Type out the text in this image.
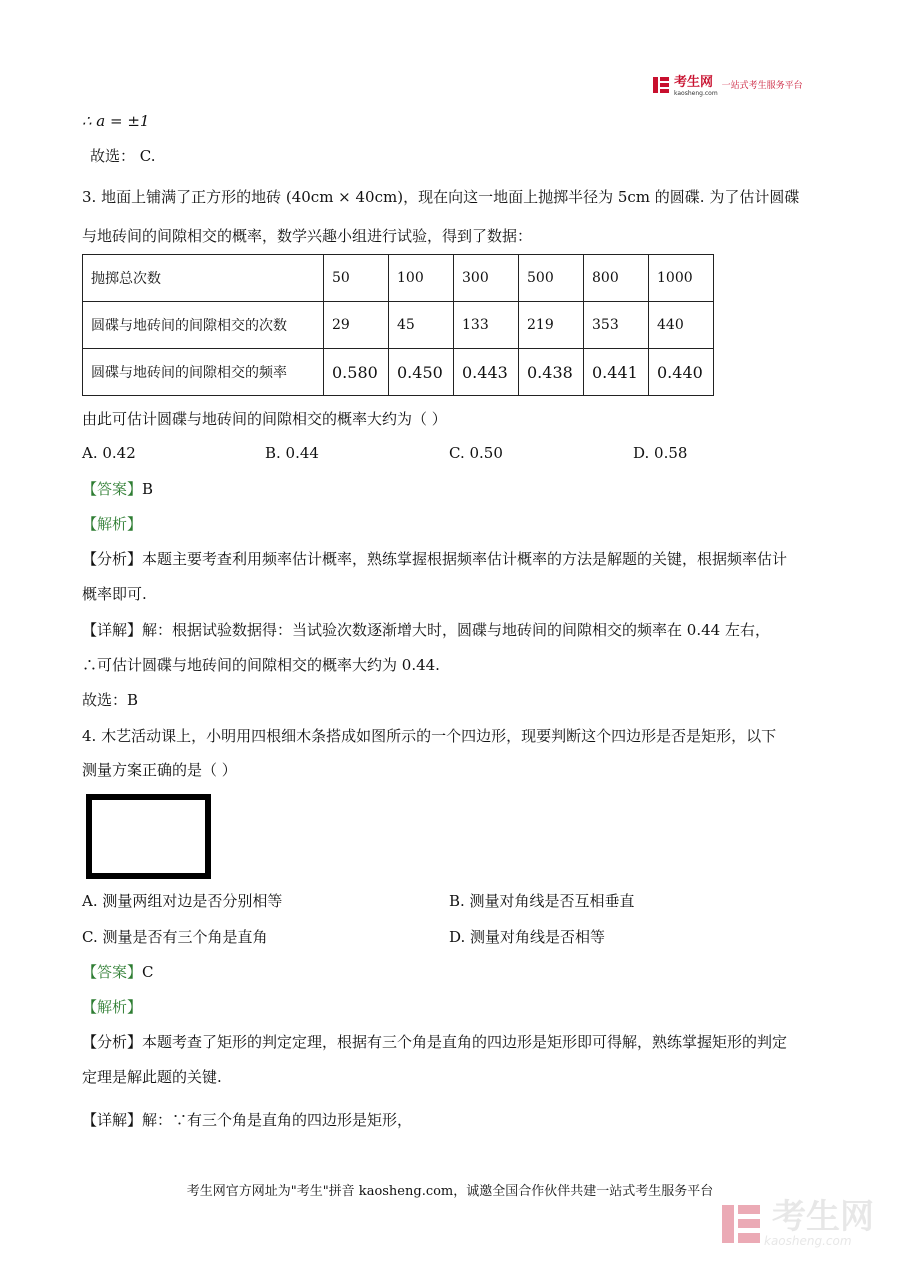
考生网
kaosheng.com
一站式考生服务平台
∴ a = ±1
故选： C.
3. 地面上铺满了正方形的地砖 (40cm × 40cm)，现在向这一地面上抛掷半径为 5cm 的圆碟. 为了估计圆碟
与地砖间的间隙相交的概率，数学兴趣小组进行试验，得到了数据：
抛掷总次数	50	100	300	500	800	1000
圆碟与地砖间的间隙相交的次数	29	45	133	219	353	440
圆碟与地砖间的间隙相交的频率	0.580	0.450	0.443	0.438	0.441	0.440
由此可估计圆碟与地砖间的间隙相交的概率大约为（ ）
A. 0.42	B. 0.44	C. 0.50	D. 0.58
【答案】B
【解析】
【分析】本题主要考查利用频率估计概率，熟练掌握根据频率估计概率的方法是解题的关键，根据频率估计
概率即可.
【详解】解：根据试验数据得：当试验次数逐渐增大时，圆碟与地砖间的间隙相交的频率在 0.44 左右，
∴可估计圆碟与地砖间的间隙相交的概率大约为 0.44.
故选：B
4. 木艺活动课上，小明用四根细木条搭成如图所示的一个四边形，现要判断这个四边形是否是矩形，以下
测量方案正确的是（ ）
A. 测量两组对边是否分别相等	B. 测量对角线是否互相垂直
C. 测量是否有三个角是直角	D. 测量对角线是否相等
【答案】C
【解析】
【分析】本题考查了矩形的判定定理，根据有三个角是直角的四边形是矩形即可得解，熟练掌握矩形的判定
定理是解此题的关键.
【详解】解：∵有三个角是直角的四边形是矩形，
考生网官方网址为"考生"拼音 kaosheng.com，诚邀全国合作伙伴共建一站式考生服务平台
考生网
kaosheng.com
